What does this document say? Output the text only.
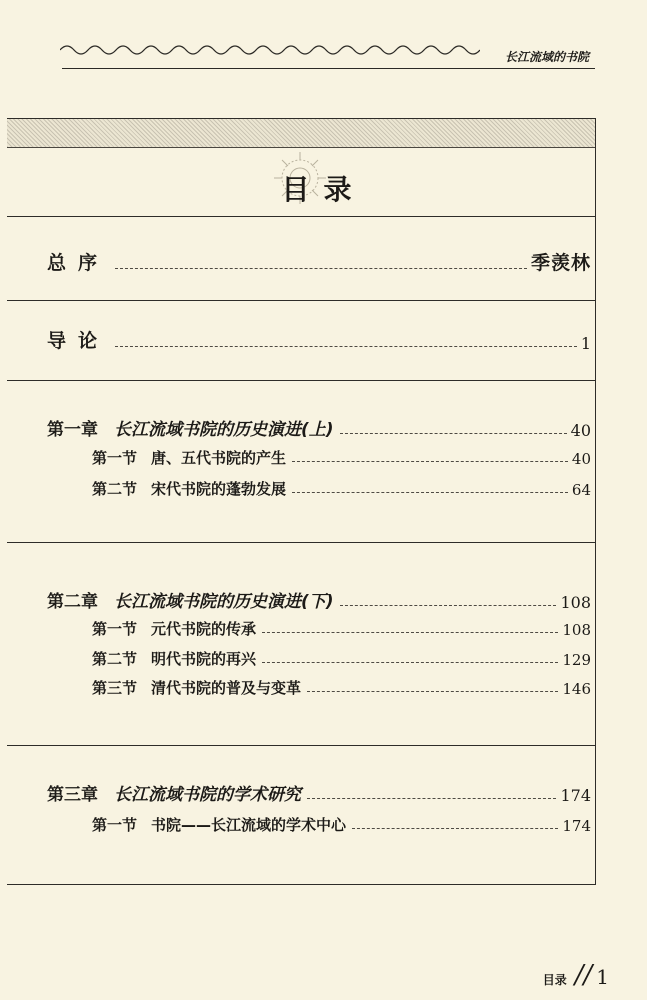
长江流域的书院
目录
总序	季羡林
导论	1
第一章 长江流域书院的历史演进(上)	40
第一节 唐、五代书院的产生	40
第二节 宋代书院的蓬勃发展	64
第二章 长江流域书院的历史演进(下)	108
第一节 元代书院的传承	108
第二节 明代书院的再兴	129
第三节 清代书院的普及与变革	146
第三章 长江流域书院的学术研究	174
第一节 书院——长江流域的学术中心	174
目录 // 1
